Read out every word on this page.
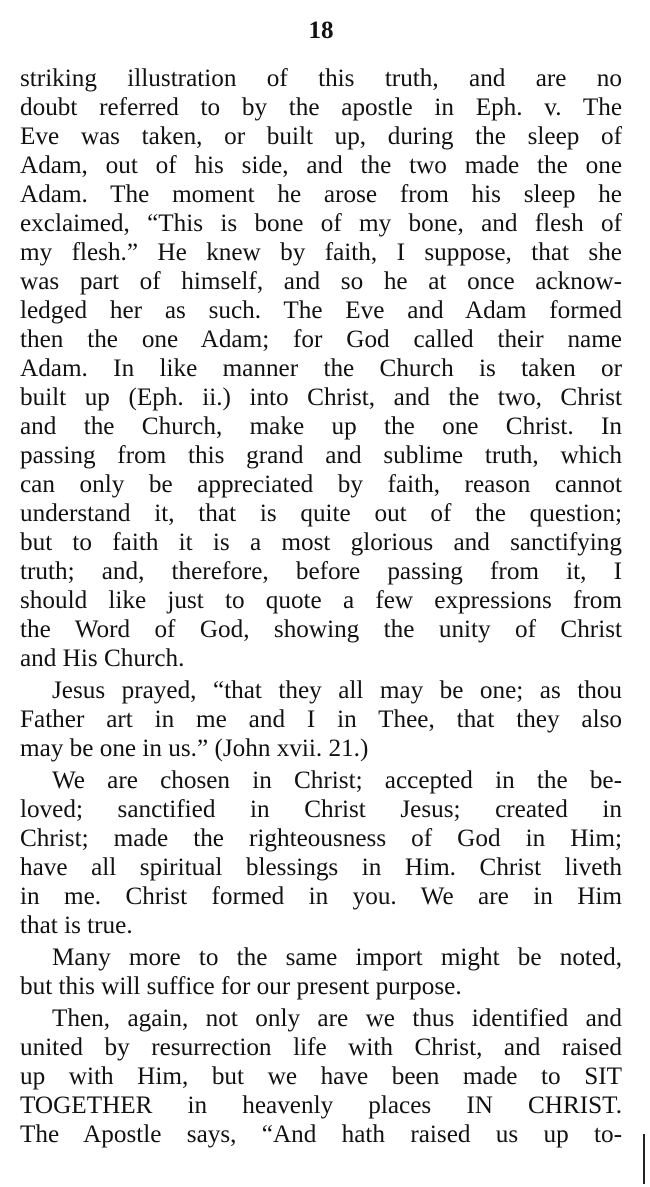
18
striking illustration of this truth, and are no
doubt referred to by the apostle in Eph. v. The
Eve was taken, or built up, during the sleep of
Adam, out of his side, and the two made the one
Adam. The moment he arose from his sleep he
exclaimed, “This is bone of my bone, and flesh of
my flesh.” He knew by faith, I suppose, that she
was part of himself, and so he at once acknow-
ledged her as such. The Eve and Adam formed
then the one Adam; for God called their name
Adam. In like manner the Church is taken or
built up (Eph. ii.) into Christ, and the two, Christ
and the Church, make up the one Christ. In
passing from this grand and sublime truth, which
can only be appreciated by faith, reason cannot
understand it, that is quite out of the question;
but to faith it is a most glorious and sanctifying
truth; and, therefore, before passing from it, I
should like just to quote a few expressions from
the Word of God, showing the unity of Christ
and His Church.
Jesus prayed, “that they all may be one; as thou
Father art in me and I in Thee, that they also
may be one in us.” (John xvii. 21.)
We are chosen in Christ; accepted in the be-
loved; sanctified in Christ Jesus; created in
Christ; made the righteousness of God in Him;
have all spiritual blessings in Him. Christ liveth
in me. Christ formed in you. We are in Him
that is true.
Many more to the same import might be noted,
but this will suffice for our present purpose.
Then, again, not only are we thus identified and
united by resurrection life with Christ, and raised
up with Him, but we have been made to SIT
TOGETHER in heavenly places IN CHRIST.
The Apostle says, “And hath raised us up to-
